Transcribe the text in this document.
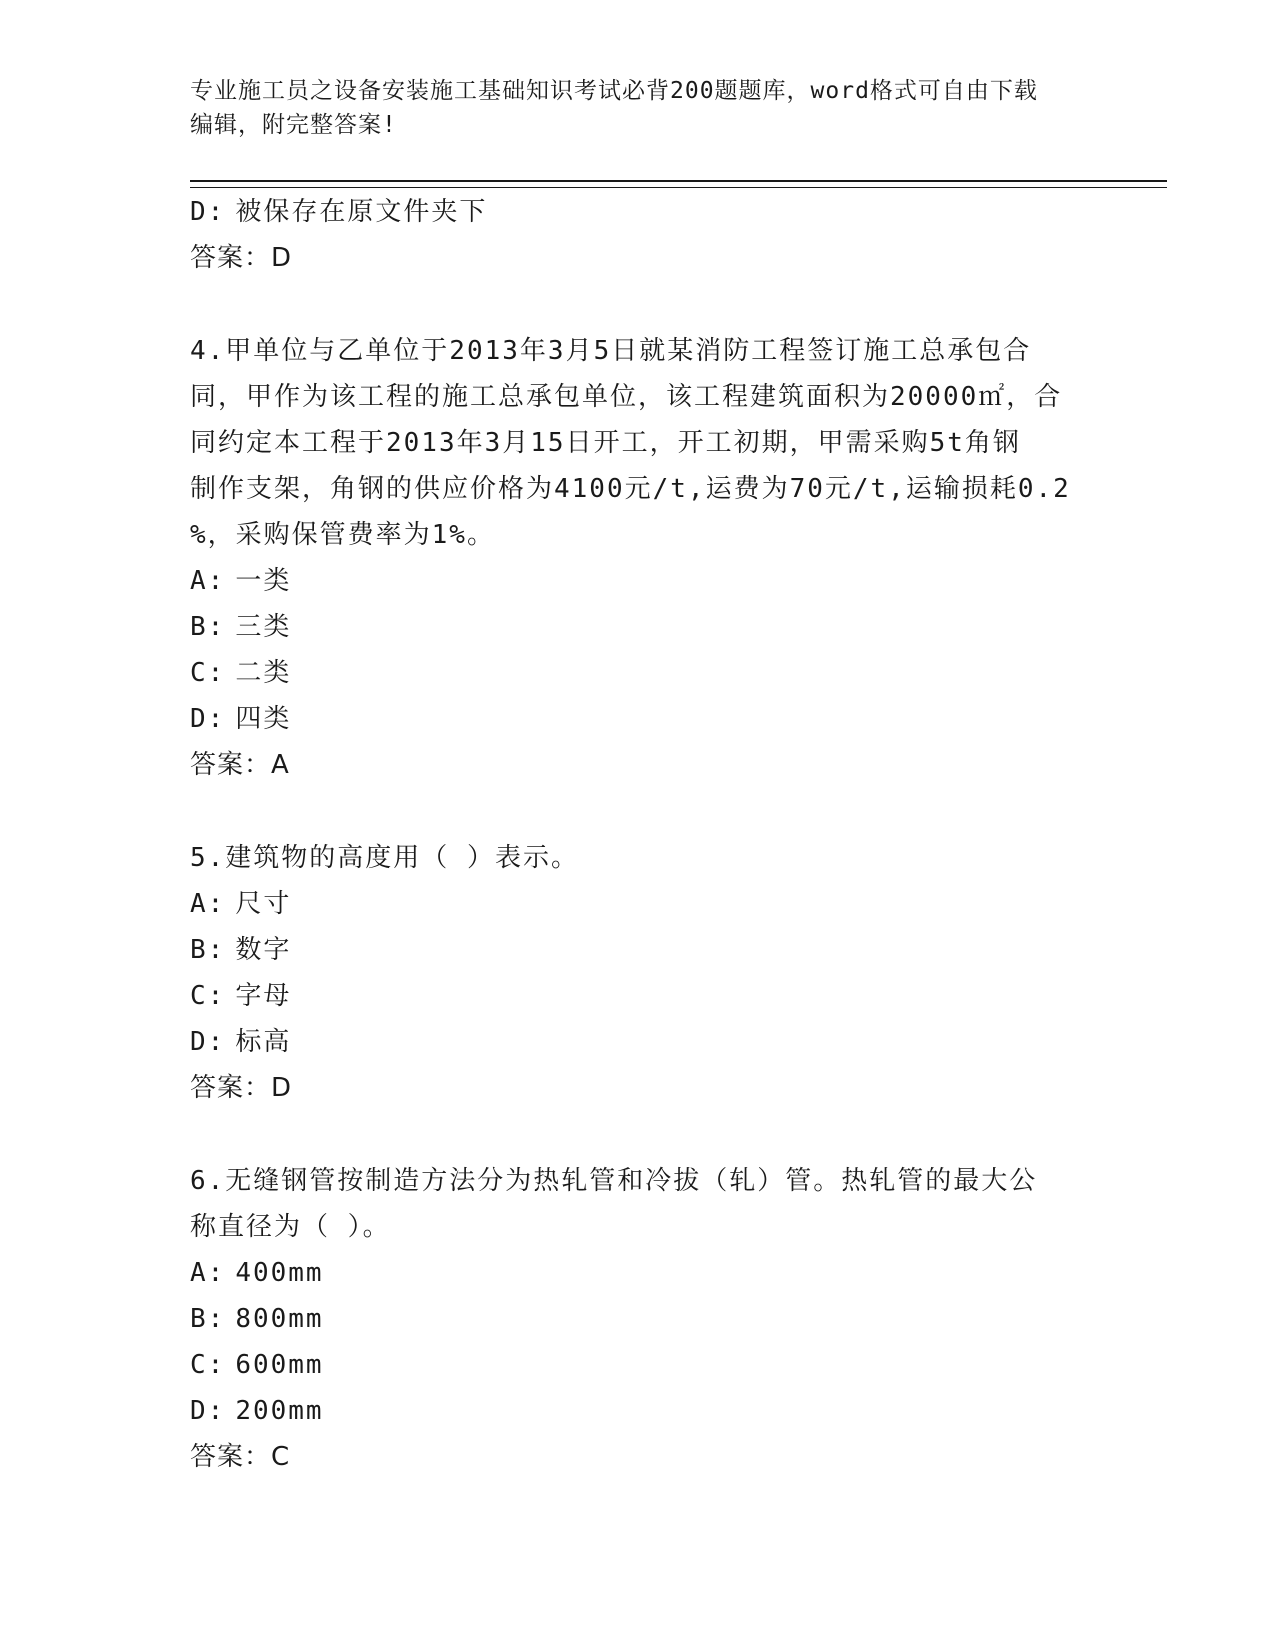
专业施工员之设备安装施工基础知识考试必背200题题库，word格式可自由下载
编辑，附完整答案!
D: 被保存在原文件夹下
答案：D
4.甲单位与乙单位于2013年3月5日就某消防工程签订施工总承包合
同，甲作为该工程的施工总承包单位，该工程建筑面积为20000㎡，合
同约定本工程于2013年3月15日开工，开工初期，甲需采购5t角钢
制作支架，角钢的供应价格为4100元/t,运费为70元/t,运输损耗0.2
%，采购保管费率为1%。
A: 一类
B: 三类
C: 二类
D: 四类
答案：A
5.建筑物的高度用（ ）表示。
A: 尺寸
B: 数字
C: 字母
D: 标高
答案：D
6.无缝钢管按制造方法分为热轧管和冷拔（轧）管。热轧管的最大公
称直径为（ ）。
A: 400mm
B: 800mm
C: 600mm
D: 200mm
答案：C
